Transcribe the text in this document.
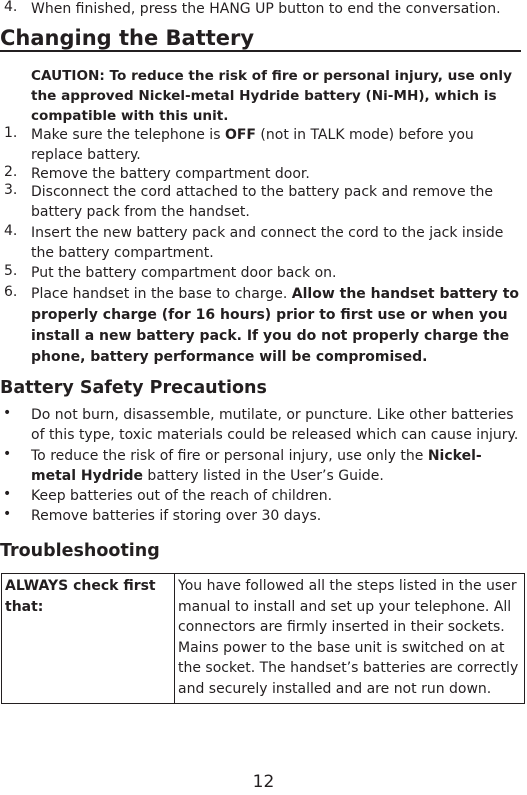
4. When finished, press the HANG UP button to end the conversation.
Changing the Battery
CAUTION: To reduce the risk of fire or personal injury, use only the approved Nickel-metal Hydride battery (Ni-MH), which is compatible with this unit.
1. Make sure the telephone is OFF (not in TALK mode) before you replace battery.
2. Remove the battery compartment door.
3. Disconnect the cord attached to the battery pack and remove the battery pack from the handset.
4. Insert the new battery pack and connect the cord to the jack inside the battery compartment.
5. Put the battery compartment door back on.
6. Place handset in the base to charge. Allow the handset battery to properly charge (for 16 hours) prior to first use or when you install a new battery pack. If you do not properly charge the phone, battery performance will be compromised.
Battery Safety Precautions
• Do not burn, disassemble, mutilate, or puncture. Like other batteries of this type, toxic materials could be released which can cause injury.
• To reduce the risk of fire or personal injury, use only the Nickel-metal Hydride battery listed in the User’s Guide.
• Keep batteries out of the reach of children.
• Remove batteries if storing over 30 days.
Troubleshooting
ALWAYS check first that:	You have followed all the steps listed in the user manual to install and set up your telephone. All connectors are firmly inserted in their sockets. Mains power to the base unit is switched on at the socket. The handset’s batteries are correctly and securely installed and are not run down.
12
